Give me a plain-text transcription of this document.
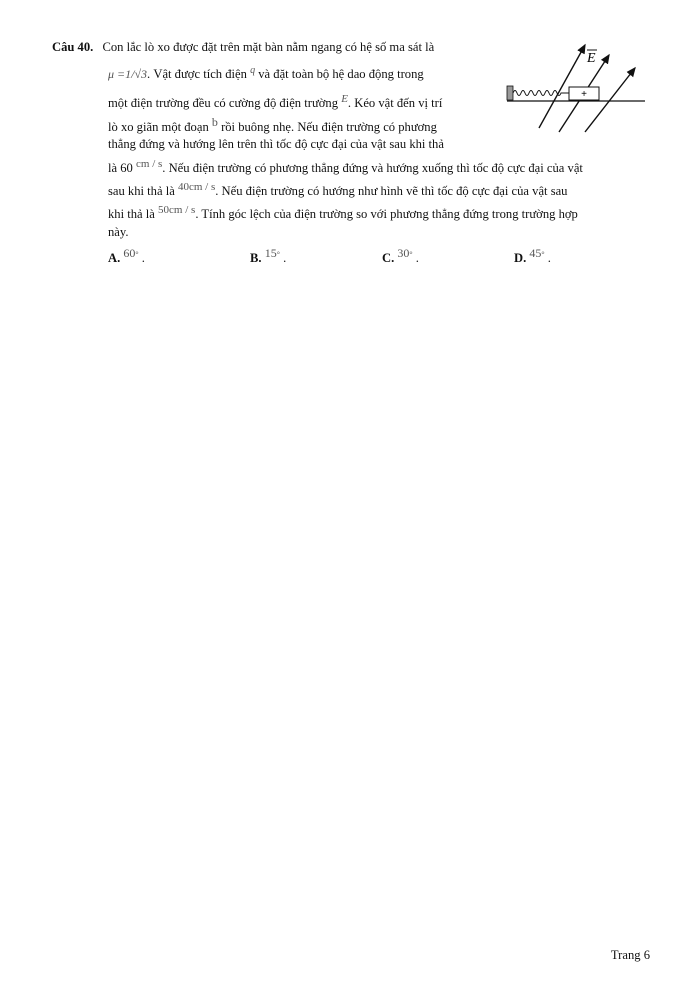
Câu 40. Con lắc lò xo được đặt trên mặt bàn nằm ngang có hệ số ma sát là
μ =1/√3. Vật được tích điện $^q$ và đặt toàn bộ hệ dao động trong
một điện trường đều có cường độ điện trường E. Kéo vật đến vị trí
lò xo giãn một đoạn b rồi buông nhẹ. Nếu điện trường có phương
thẳng đứng và hướng lên trên thì tốc độ cực đại của vật sau khi thả
là 60 cm / s. Nếu điện trường có phương thẳng đứng và hướng xuống thì tốc độ cực đại của vật
sau khi thả là 40cm / s. Nếu điện trường có hướng như hình vẽ thì tốc độ cực đại của vật sau
khi thả là 50cm / s. Tính góc lệch của điện trường so với phương thẳng đứng trong trường hợp
này.
A. 60° .	B. 15° .	C. 30° .	D. 45° .
+
E
Trang 6
